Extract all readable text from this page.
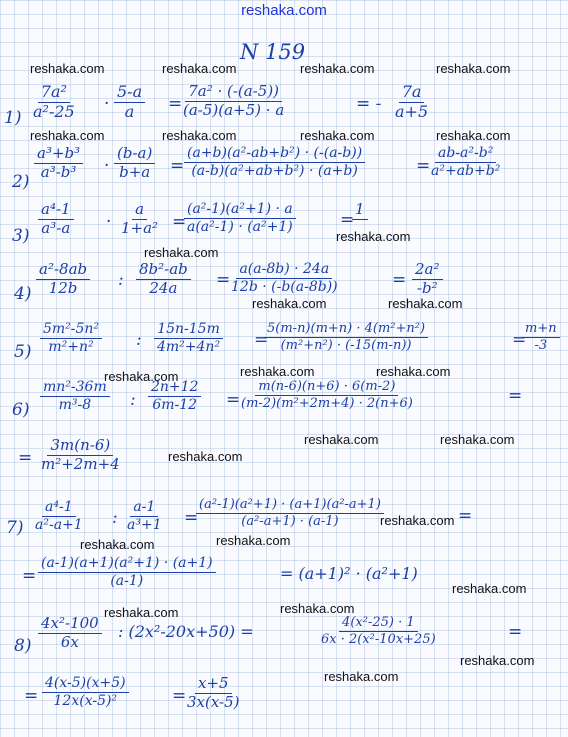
reshaka.com
N 159
reshaka.com	reshaka.com	reshaka.com	reshaka.com
reshaka.com	reshaka.com	reshaka.com	reshaka.com
reshaka.com
reshaka.com
reshaka.com	reshaka.com
reshaka.com	reshaka.com	reshaka.com
reshaka.com	reshaka.com
reshaka.com
reshaka.com
reshaka.com
reshaka.com
reshaka.com
reshaka.com	reshaka.com
reshaka.com
reshaka.com
$1) \frac{\text{7a²}}{\text{a²-25}} \cdot \frac{5-a}{a}$ =
$\frac{\text{7a² · (-(a-5))}}{(a-5)(a+5) \cdot a}$	= - $\frac{7a}{a+5}$
2)
$\frac{\text{a³+b³}}{\text{a³-b³}} \cdot \frac{(b-a)}{b+a} = \frac{\text{(a+b)(a²-ab+b²) · (-(a-b))}}{\text{(a-b)(a²+ab+b²) · (a+b)}}$	=
$\frac{\text{ab-a²-b²}}{\text{a²+ab+b²}}$
$3) \frac{\text{a⁴-1}}{\text{a³-a}} \cdot \frac{a}{\text{1+a²}}$ =
$\frac{\text{(a²-1)(a²+1) · a}}{\text{a(a²-1) · (a²+1)}}$	=
1
$4) \frac{\text{a²-8ab}}{12b}$ : $\frac{\text{8b²-ab}}{24a}$ =
$\frac{a(a-8b) \cdot 24a}{12b \cdot (-b(a-8b))}$	= $\frac{\text{2a²}}{\text{-b²}}$
$5) \frac{\text{5m²-5n²}}{\text{m²+n²}}$ : $\frac{15n-15m}{\text{4m²+4n²}}$ =
$\frac{\text{5(m-n)(m+n) · 4(m²+n²)}}{\text{(m²+n²) · (-15(m-n))}}$	=
$\frac{m+n}{-3}$
$6) \frac{\text{mn²-36m}}{\text{m³-8}}$ : $\frac{2n+12}{6m-12}$ =
$\frac{m(n-6)(n+6) \cdot 6(m-2)}{\text{(m-2)(m²+2m+4) · 2(n+6)}}$	=
= $\frac{3m(n-6)}{\text{m²+2m+4}}$
$7) \frac{\text{a⁴-1}}{\text{a²-a+1}}$ : $\frac{a-1}{\text{a³+1}}$ =
$\frac{\text{(a²-1)(a²+1) · (a+1)(a²-a+1)}}{\text{(a²-a+1) · (a-1)}}$	=
= $\frac{\text{(a-1)(a+1)(a²+1) · (a+1)}}{(a-1)}$	= (a+1)² · (a²+1)
$8) \frac{\text{4x²-100}}{6x}$ : (2x²-20x+50) =	$\frac{\text{4(x²-25) · 1}}{\text{6x · 2(x²-10x+25)}}$	=
= $\frac{4(x-5)(x+5)}{\text{12x(x-5)²}}$	=
$\frac{x+5}{3x(x-5)}$
